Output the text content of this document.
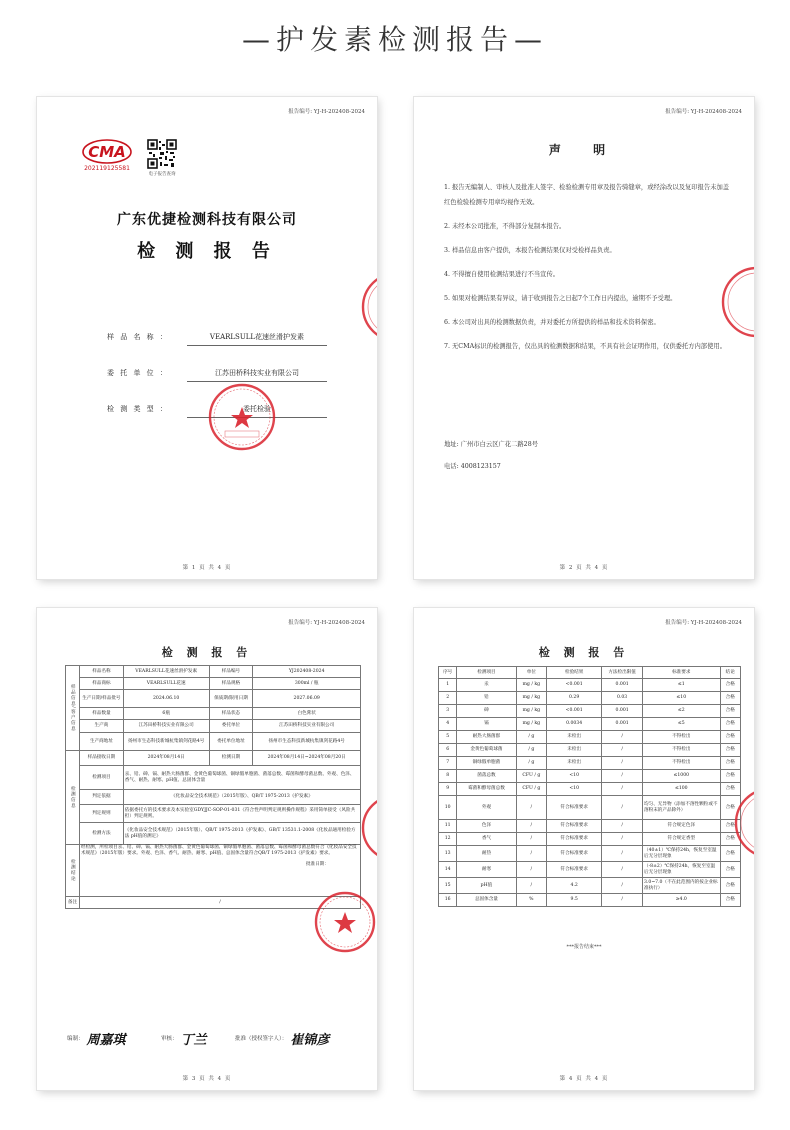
—护发素检测报告—
报告编号: YJ-H-202408-2024
CMA
202119125581
电子报告查询
广东优捷检测科技有限公司
检 测 报 告
样 品 名 称 ：	VEARLSULL花速丝滑护发素
委 托 单 位 ：	江苏田桥科技实业有限公司
检 测 类 型 ：	委托检验
第 1 页 共 4 页
报告编号: YJ-H-202408-2024
声 明

1. 报告无编制人、审核人及批准人签字、检验检测专用章及报告骑缝章，或经涂改以及复印报告未加盖红色检验检测专用章均视作无效。

2. 未经本公司批准，不得部分复制本报告。

3. 样品信息由客户提供，本报告检测结果仅对受检样品负责。

4. 不得擅自使用检测结果进行不当宣传。

5. 如果对检测结果有异议，请于收到报告之日起7个工作日内提出，逾期不予受理。

6. 本公司对出具的检测数据负责，并对委托方所提供的样品和技术资料保密。

7. 无CMA标识的检测报告，仅出具的检测数据和结果，不具有社会证明作用，仅供委托方内部使用。

地址: 广州市白云区广花二路28号
电话: 4008123157
第 2 页 共 4 页
报告编号: YJ-H-202408-2024
检 测 报 告
样品信息/客户信息	样品名称	VEARLSULL花速丝滑护发素	样品编号	YJ202408-2024
	样品商标	VEARLSULL花速	样品规格	300ml / 瓶
	生产日期/样品批号	2024.06.10	保质期/限用日期	2027.06.09
	样品数量	6瓶	样品状态	白色膏状
	生产商	江苏田桥科技实业有限公司	委托单位	江苏田桥科技实业有限公司
	生产商地址	扬州市生态科技新城杭集镇剑花路4号	委托单位地址	扬州市生态科技新城杭集镇剑花路4号
检测信息	样品接收日期	2024年08月14日	检测日期	2024年08月14日~2024年08月20日
	检测项目	汞、铅、砷、镉、耐热大肠菌群、金黄色葡萄球菌、铜绿假单胞菌、菌落总数、霉菌和酵母菌总数、外观、色泽、香气、耐热、耐寒、pH值、总固体含量		
	判定依据	《化妆品安全技术规范》（2015年版）、QB/T 1975-2013《护发素》		
	判定规则	依据委托方的技术要求及本实验室GDYJJC-SOP-01-031《符合性声明判定规则操作规程》采用简单接受（风险共担）判定规则。		
	检测方法	《化妆品安全技术规范》（2015年版）、QB/T 1975-2013《护发素》、GB/T 13531.1-2008《化妆品通用检验方法 pH值的测定》		
检测结论	经检测，所检项目汞、铅、砷、镉、耐热大肠菌群、金黄色葡萄球菌、铜绿假单胞菌、菌落总数、霉菌和酵母菌总数符合《化妆品安全技术规范》（2015年版）要求。外观、色泽、香气、耐热、耐寒、pH值、总固体含量符合QB/T 1975-2013《护发素》要求。

批准日期：			

备注	/			
编制： 周嘉琪	审核： 丁兰	批准（授权签字人）： 崔锦彦
第 3 页 共 4 页
报告编号: YJ-H-202408-2024
检 测 报 告
序号	检测项目	单位	检验结果	方法检出限值	标准要求	结论
1	汞	mg / kg	<0.001	0.001	≤1	合格
2	铅	mg / kg	0.29	0.03	≤10	合格
3	砷	mg / kg	<0.001	0.001	≤2	合格
4	镉	mg / kg	0.0034	0.001	≤5	合格
5	耐热大肠菌群	/ g	未检出	/	不得检出	合格
6	金黄色葡萄球菌	/ g	未检出	/	不得检出	合格
7	铜绿假单胞菌	/ g	未检出	/	不得检出	合格
8	菌落总数	CFU / g	<10	/	≤1000	合格
9	霉菌和酵母菌总数	CFU / g	<10	/	≤100	合格
10	外观	/	符合标准要求	/	均匀、无异物（添加不溶性颗粒或不溶粉末的产品除外）	合格
11	色泽	/	符合标准要求	/	符合规定色泽	合格
12	香气	/	符合标准要求	/	符合规定香型	合格
13	耐热	/	符合标准要求	/	（40±1）℃保持24h，恢复至室温后无分层现象	合格
14	耐寒	/	符合标准要求	/	（-8±2）℃保持24h，恢复至室温后无分层现象	合格
15	pH值	/	4.2	/	3.0~7.0（不在此范围内的按企业标准执行）	合格
16	总固体含量	%	9.5	/	≥4.0	合格
***报告结束***
第 4 页 共 4 页
